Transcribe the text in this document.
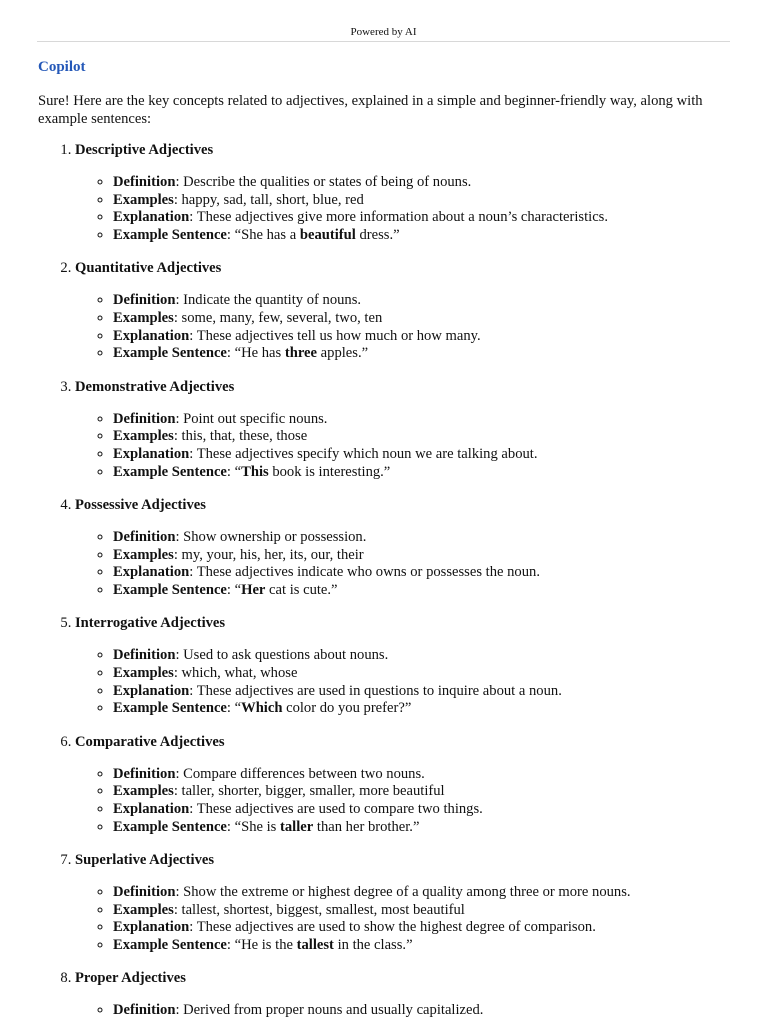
Powered by AI
Copilot

Sure! Here are the key concepts related to adjectives, explained in a simple and beginner-friendly way, along with example sentences:

1. Descriptive Adjectives
◦ Definition: Describe the qualities or states of being of nouns.
◦ Examples: happy, sad, tall, short, blue, red
◦ Explanation: These adjectives give more information about a noun’s characteristics.
◦ Example Sentence: “She has a beautiful dress.”
2. Quantitative Adjectives
◦ Definition: Indicate the quantity of nouns.
◦ Examples: some, many, few, several, two, ten
◦ Explanation: These adjectives tell us how much or how many.
◦ Example Sentence: “He has three apples.”
3. Demonstrative Adjectives
◦ Definition: Point out specific nouns.
◦ Examples: this, that, these, those
◦ Explanation: These adjectives specify which noun we are talking about.
◦ Example Sentence: “This book is interesting.”
4. Possessive Adjectives
◦ Definition: Show ownership or possession.
◦ Examples: my, your, his, her, its, our, their
◦ Explanation: These adjectives indicate who owns or possesses the noun.
◦ Example Sentence: “Her cat is cute.”
5. Interrogative Adjectives
◦ Definition: Used to ask questions about nouns.
◦ Examples: which, what, whose
◦ Explanation: These adjectives are used in questions to inquire about a noun.
◦ Example Sentence: “Which color do you prefer?”
6. Comparative Adjectives
◦ Definition: Compare differences between two nouns.
◦ Examples: taller, shorter, bigger, smaller, more beautiful
◦ Explanation: These adjectives are used to compare two things.
◦ Example Sentence: “She is taller than her brother.”
7. Superlative Adjectives
◦ Definition: Show the extreme or highest degree of a quality among three or more nouns.
◦ Examples: tallest, shortest, biggest, smallest, most beautiful
◦ Explanation: These adjectives are used to show the highest degree of comparison.
◦ Example Sentence: “He is the tallest in the class.”
8. Proper Adjectives
◦ Definition: Derived from proper nouns and usually capitalized.
